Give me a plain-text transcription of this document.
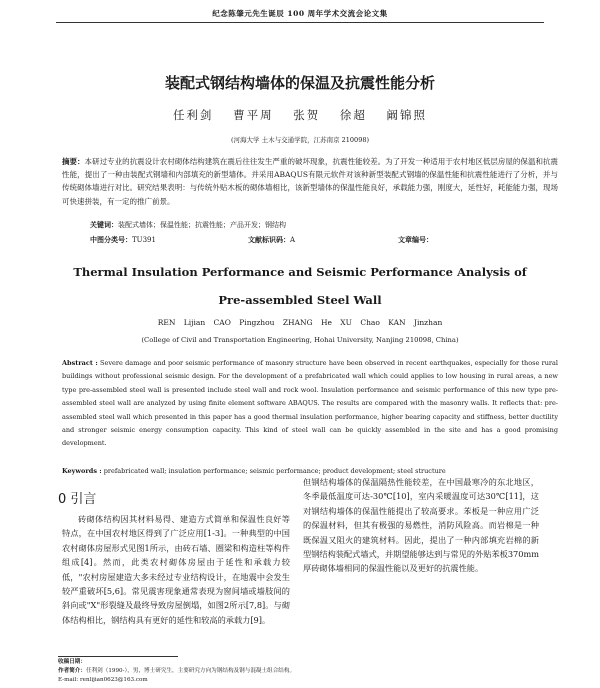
纪念陈肇元先生诞辰 100 周年学术交流会论文集
装配式钢结构墙体的保温及抗震性能分析
任利剑 曹平周 张贺 徐超 阚锦照
(河海大学 土木与交通学院，江苏南京 210098)
摘要：本研过专业的抗震设计农村砌体结构建筑在震后往往发生严重的破坏现象，抗震性能较差。为了开发一种适用于农村地区低层房屋的保温和抗震性能，提出了一种由装配式钢墙和内部填充的新型墙体。并采用ABAQUS有限元软件对该种新型装配式钢墙的保温性能和抗震性能进行了分析，并与传统砌体墙进行对比。研究结果表明：与传统外贴木板的砌体墙相比，该新型墙体的保温性能良好，承载能力强，刚度大，延性好，耗能能力强，现场可快速拼装，有一定的推广前景。
关键词：装配式墙体；保温性能；抗震性能；产品开发；钢结构
中图分类号：TU391	文献标识码：A	文章编号：
Thermal Insulation Performance and Seismic Performance Analysis of
Pre-assembled Steel Wall
REN Lijian CAO Pingzhou ZHANG He XU Chao KAN Jinzhan
(College of Civil and Transportation Engineering, Hohai University, Nanjing 210098, China)
Abstract : Severe damage and poor seismic performance of masonry structure have been observed in recent earthquakes, especially for those rural buildings without professional seismic design. For the development of a prefabricated wall which could applies to low housing in rural areas, a new type pre-assembled steel wall is presented include steel wall and rock wool. Insulation performance and seismic performance of this new type pre-assembled steel wall are analyzed by using finite element software ABAQUS. The results are compared with the masonry walls. It reflects that: pre-assembled steel wall which presented in this paper has a good thermal insulation performance, higher bearing capacity and stiffness, better ductility and stronger seismic energy consumption capacity. This kind of steel wall can be quickly assembled in the site and has a good promising development.
Keywords : prefabricated wall; insulation performance; seismic performance; product development; steel structure
0 引言
砖砌体结构因其材料易得、建造方式简单和保温性良好等特点，在中国农村地区得到了广泛应用[1-3]。一种典型的中国农村砌体房屋形式见图1所示，由砖石墙、圈梁和构造柱等构件组成[4]。然而，此类农村砌体房屋由于延性和承载力较低，"农村房屋建造大多未经过专业结构设计，在地震中会发生较严重破坏[5,6]。常见震害现象通常表现为窗间墙或墙肢间的斜向或"X"形裂缝及最终导致房屋倒塌，如图2所示[7,8]。与砌体结构相比，钢结构具有更好的延性和较高的承载力[9]。
但钢结构墙体的保温隔热性能较差，在中国最寒冷的东北地区，冬季最低温度可达-30℃[10]，室内采暖温度可达30℃[11]，这对钢结构墙体的保温性能提出了较高要求。苯板是一种应用广泛的保温材料，但其有极强的易燃性，消防风险高。而岩棉是一种既保温又阻火的建筑材料。因此，提出了一种内部填充岩棉的新型钢结构装配式墙式，并期望能够达到与常见的外贴苯板370mm厚砖砌体墙相同的保温性能以及更好的抗震性能。
收稿日期：
作者简介：任利剑（1990-），男，博士研究生，主要研究方向为钢结构及钢与混凝土组合结构。E-mail: renlijian0623@163.com
